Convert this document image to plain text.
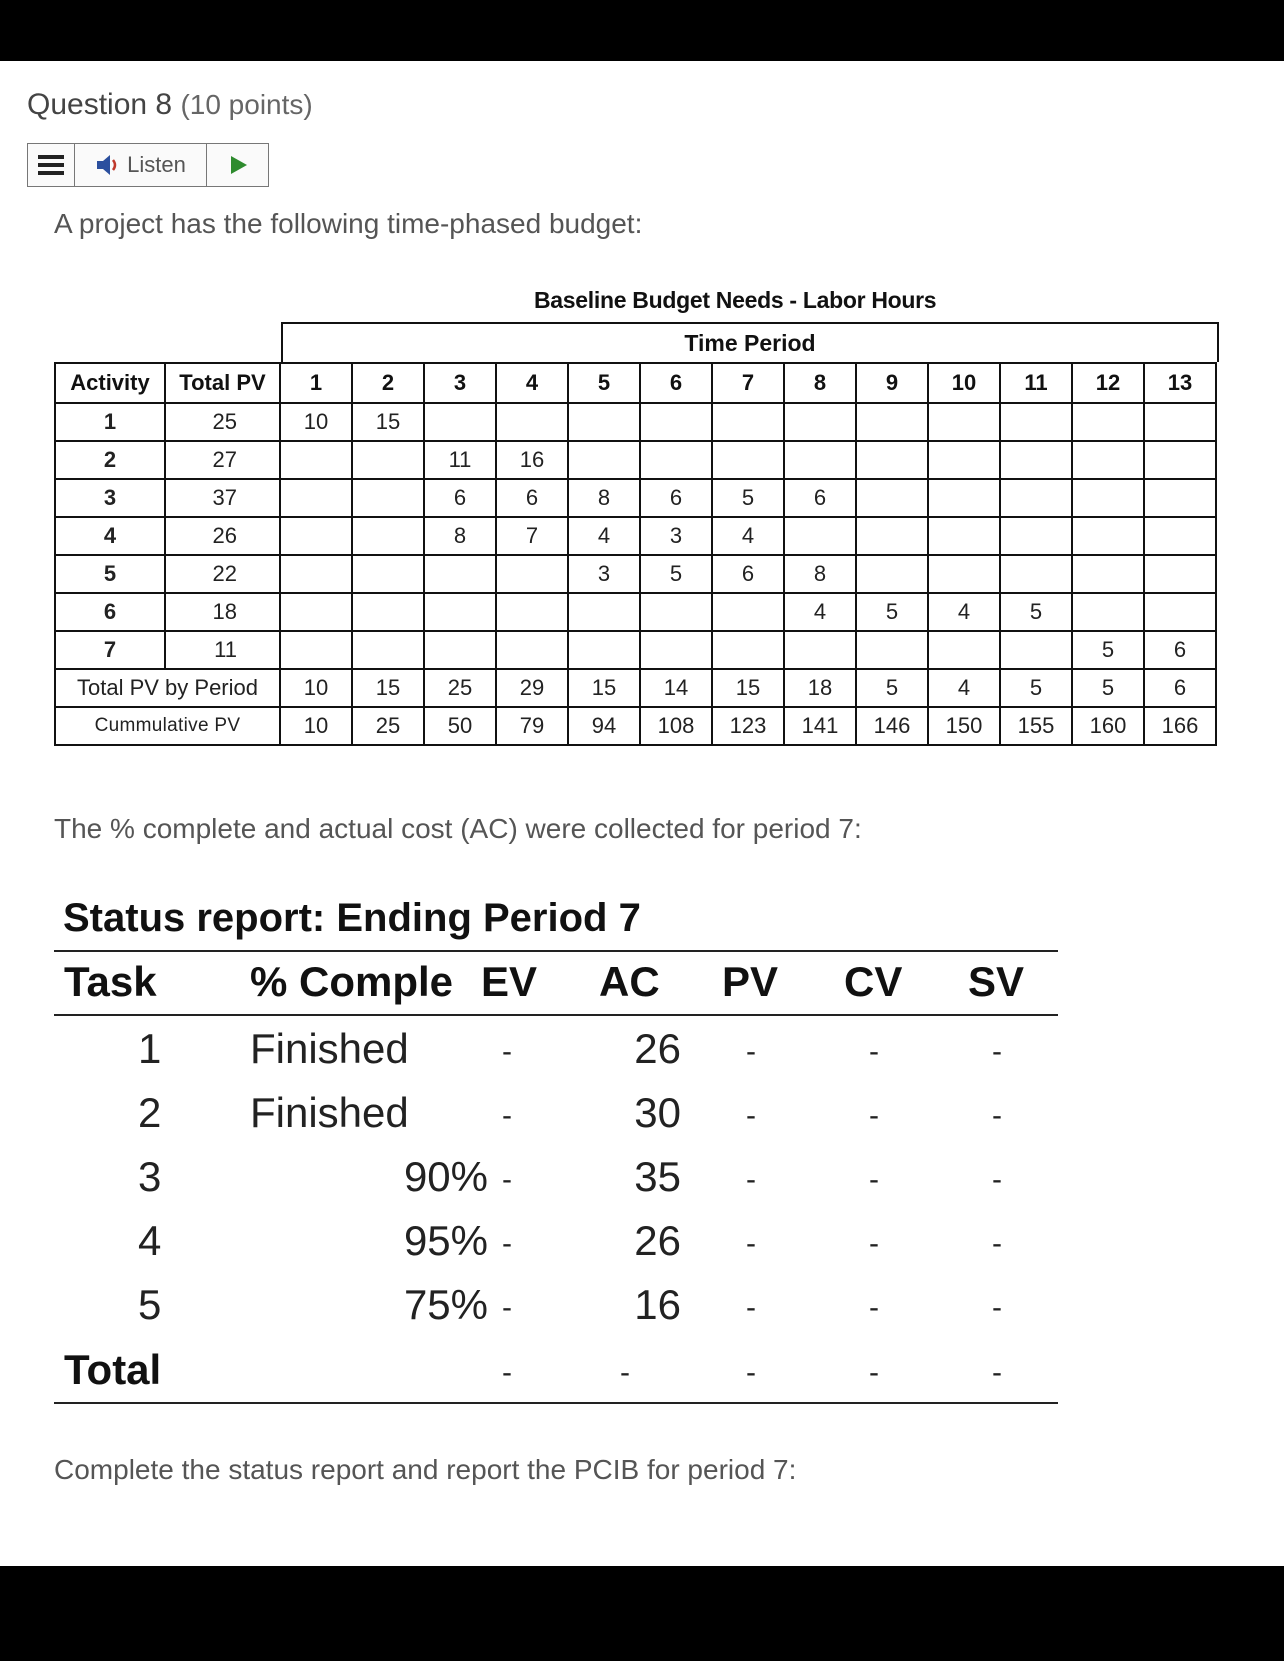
Question 8 (10 points)
Listen
A project has the following time-phased budget:
Baseline Budget Needs - Labor Hours
Time Period
Activity	Total PV	1	2	3	4	5	6	7	8	9	10	11	12	13
1	25	10	15											
2	27			11	16									
3	37			6	6	8	6	5	6					
4	26			8	7	4	3	4						
5	22					3	5	6	8					
6	18								4	5	4	5		
7	11												5	6
Total PV by Period		10	15	25	29	15	14	15	18	5	4	5	5	6
Cummulative PV		10	25	50	79	94	108	123	141	146	150	155	160	166
The % complete and actual cost (AC) were collected for period 7:
Status report: Ending Period 7
Task % Comple EV AC PV CV SV
1 Finished	-	26 -	-	-
2 Finished	-	30 -	-	-
3	90% -	35 -	-	-
4	95% -	26 -	-	-
5	75% -	16 -	-	-
Total	-	-	-	-	-
Complete the status report and report the PCIB for period 7:
